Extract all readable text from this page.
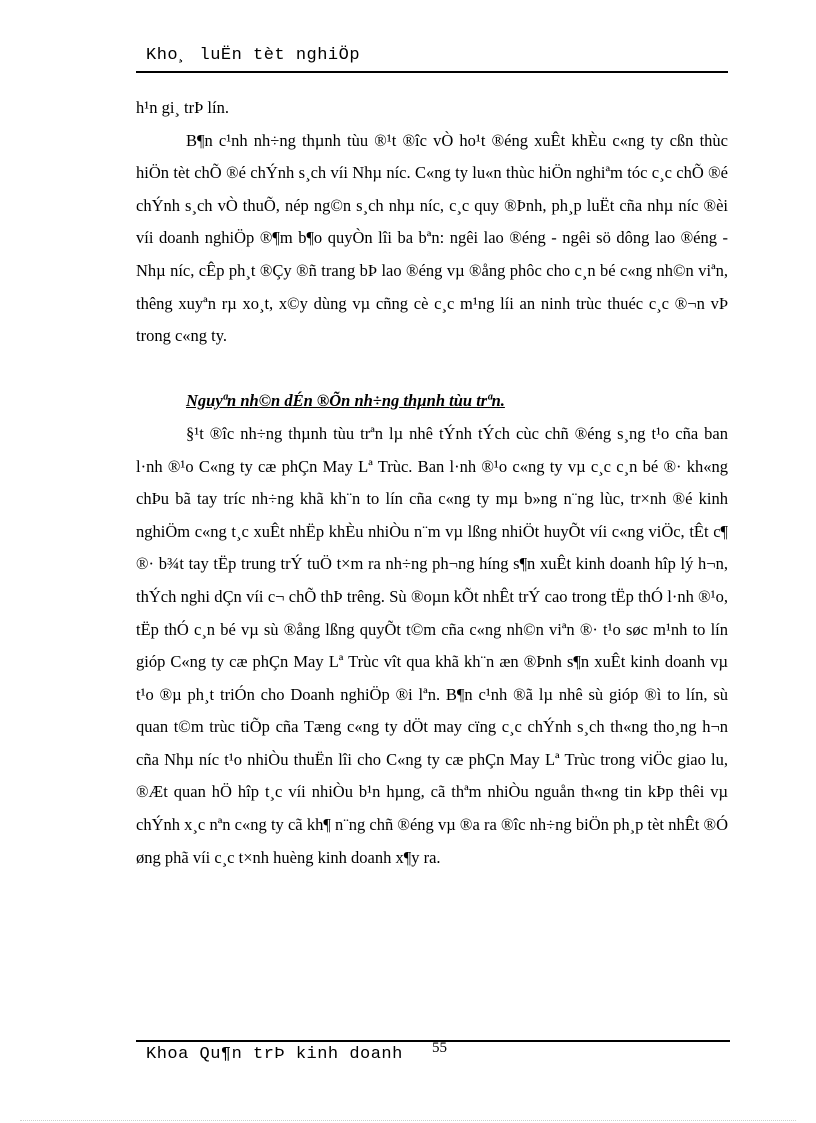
Kho¸ luËn tèt nghiÖp

h¹n gi¸ trÞ lín.

B¶n c¹nh nh÷ng thµnh tùu ®¹t ®îc vÒ ho¹t ®éng xuÊt khÈu c«ng ty cßn thùc hiÖn tèt chÕ ®é chÝnh s¸ch víi Nhµ níc. C«ng ty lu«n thùc hiÖn nghiªm tóc c¸c chÕ ®é chÝnh s¸ch vÒ thuÕ, nép ng©n s¸ch nhµ níc, c¸c quy ®Þnh, ph¸p luËt cña nhµ níc ®èi víi doanh nghiÖp ®¶m b¶o quyÒn lîi ba bªn: ngêi lao ®éng - ngêi sö dông lao ®éng - Nhµ níc, cÊp ph¸t ®Çy ®ñ trang bÞ lao ®éng vµ ®ång phôc cho c¸n bé c«ng nh©n viªn, thêng xuyªn rµ xo¸t, x©y dùng vµ cñng cè c¸c m¹ng líi an ninh trùc thuéc c¸c ®¬n vÞ trong c«ng ty.

Nguyªn nh©n dÉn ®Õn nh÷ng thµnh tùu trªn.

§¹t ®îc nh÷ng thµnh tùu trªn lµ nhê tÝnh tÝch cùc chñ ®éng s¸ng t¹o cña ban l·nh ®¹o C«ng ty cæ phÇn May Lª Trùc. Ban l·nh ®¹o c«ng ty vµ c¸c c¸n bé ®· kh«ng chÞu bã tay tríc nh÷ng khã kh¨n to lín cña c«ng ty mµ b»ng n¨ng lùc, tr×nh ®é kinh nghiÖm c«ng t¸c xuÊt nhËp khÈu nhiÒu n¨m vµ lßng nhiÖt huyÕt víi c«ng viÖc, tÊt c¶ ®· b¾t tay tËp trung trÝ tuÖ t×m ra nh÷ng ph¬ng híng s¶n xuÊt kinh doanh hîp lý h¬n, thÝch nghi dÇn víi c¬ chÕ thÞ trêng. Sù ®oµn kÕt nhÊt trÝ cao trong tËp thÓ l·nh ®¹o, tËp thÓ c¸n bé vµ sù ®ång lßng quyÕt t©m cña c«ng nh©n viªn ®· t¹o søc m¹nh to lín gióp C«ng ty cæ phÇn May Lª Trùc vît qua khã kh¨n æn ®Þnh s¶n xuÊt kinh doanh vµ t¹o ®µ ph¸t triÓn cho Doanh nghiÖp ®i lªn. B¶n c¹nh ®ã lµ nhê sù gióp ®ì to lín, sù quan t©m trùc tiÕp cña Tæng c«ng ty dÖt may cïng c¸c chÝnh s¸ch th«ng tho¸ng h¬n cña Nhµ níc t¹o nhiÒu thuËn lîi cho C«ng ty cæ phÇn May Lª Trùc trong viÖc giao lu, ®Æt quan hÖ hîp t¸c víi nhiÒu b¹n hµng, cã thªm nhiÒu nguån th«ng tin kÞp thêi vµ chÝnh x¸c nªn c«ng ty cã kh¶ n¨ng chñ ®éng vµ ®a ra ®îc nh÷ng biÖn ph¸p tèt nhÊt ®Ó øng phã víi c¸c t×nh huèng kinh doanh x¶y ra.

Khoa Qu¶n trÞ kinh doanh 55
